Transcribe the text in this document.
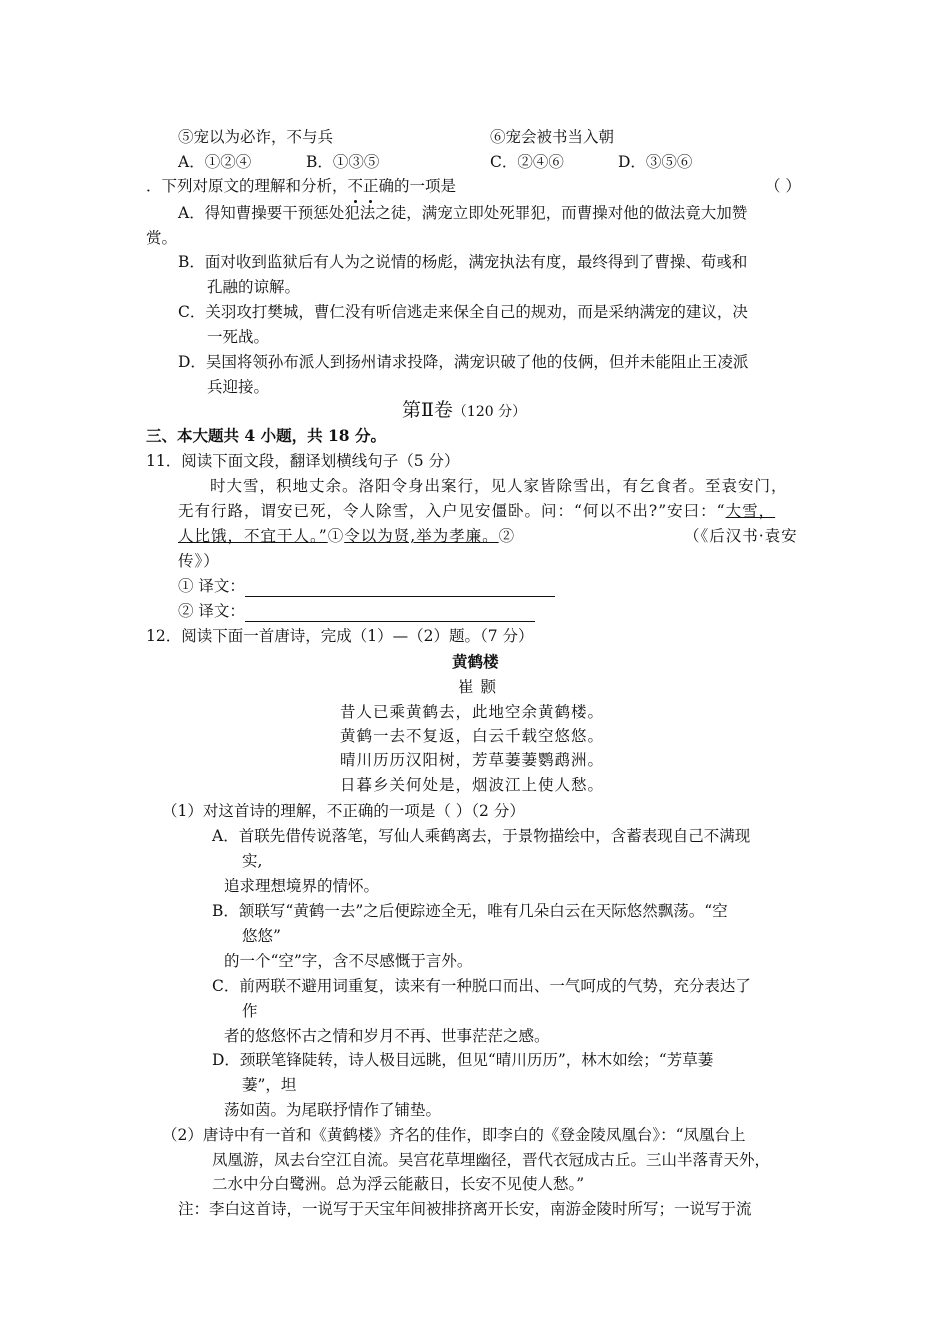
⑤宠以为必诈，不与兵	⑥宠会被书当入朝
A．①②④	B．①③⑤	C．②④⑥	D．③⑤⑥
．下列对原文的理解和分析，不
正
确的一项是	（ ）
A．得知曹操要干预惩处犯法之徒，满宠立即处死罪犯，而曹操对他的做法竟大加赞
赏。
B．面对收到监狱后有人为之说情的杨彪，满宠执法有度，最终得到了曹操、荀彧和
孔融的谅解。
C．关羽攻打樊城，曹仁没有听信逃走来保全自己的规劝，而是采纳满宠的建议，决
一死战。
D．吴国将领孙布派人到扬州请求投降，满宠识破了他的伎俩，但并未能阻止王凌派
兵迎接。
第Ⅱ卷（120 分）
三、本大题共 4 小题，共 18 分。
11．阅读下面文段，翻译划横线句子（5 分）
时大雪，积地丈余。洛阳令身出案行，见人家皆除雪出，有乞食者。至袁安门，
无有行路，谓安已死，令人除雪，入户见安僵卧。问：“何以不出?”安曰：“大雪，
人比饿，不宜干人。”①令以为贤,举为孝廉。②	（《后汉书·袁安
传》）
① 译文：
② 译文：
12．阅读下面一首唐诗，完成（1）—（2）题。（7 分）
黄鹤楼
崔 颢
昔人已乘黄鹤去，此地空余黄鹤楼。
黄鹤一去不复返，白云千载空悠悠。
晴川历历汉阳树，芳草萋萋鹦鹉洲。
日暮乡关何处是，烟波江上使人愁。
（1）对这首诗的理解，不正确的一项是（ ）（2 分）
A．首联先借传说落笔，写仙人乘鹤离去，于景物描绘中，含蓄表现自己不满现
实,
追求理想境界的情怀。
B．颔联写“黄鹤一去”之后便踪迹全无，唯有几朵白云在天际悠然飘荡。“空
悠悠”
的一个“空”字，含不尽感慨于言外。
C．前两联不避用词重复，读来有一种脱口而出、一气呵成的气势，充分表达了
作
者的悠悠怀古之情和岁月不再、世事茫茫之感。
D．颈联笔锋陡转，诗人极目远眺，但见“晴川历历”，林木如绘；“芳草萋
萋”，坦
荡如茵。为尾联抒情作了铺垫。
（2）唐诗中有一首和《黄鹤楼》齐名的佳作，即李白的《登金陵凤凰台》：“凤凰台上
凤凰游，凤去台空江自流。吴宫花草埋幽径，晋代衣冠成古丘。三山半落青天外，
二水中分白鹭洲。总为浮云能蔽日，长安不见使人愁。”
注：李白这首诗，一说写于天宝年间被排挤离开长安，南游金陵时所写；一说写于流
